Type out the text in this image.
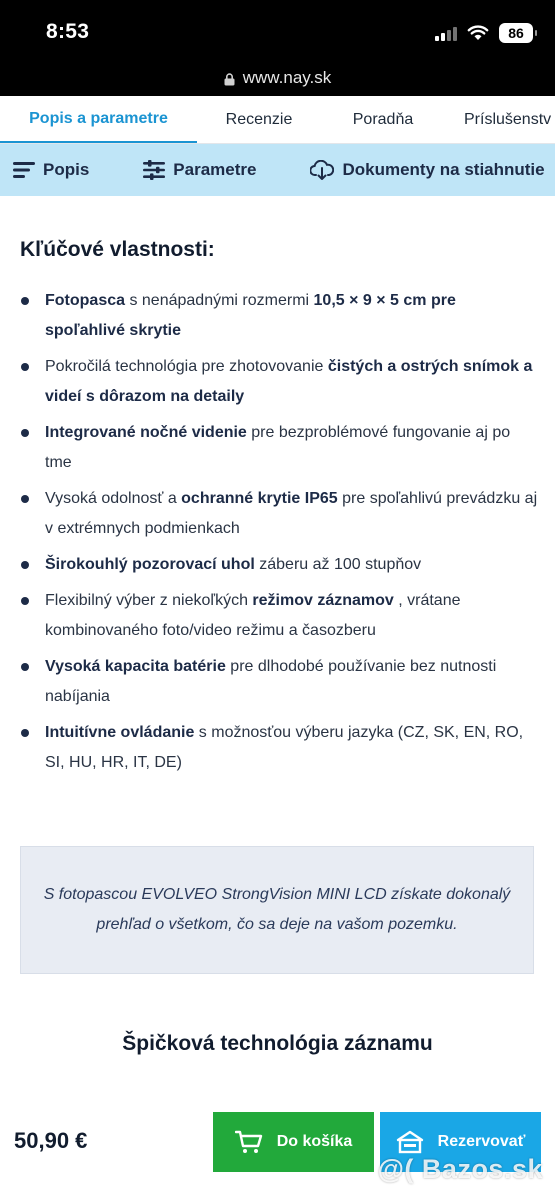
8:53	86
www.nay.sk
Popis a parametre	Recenzie	Poradňa	Príslušenstv
Popis	Parametre	Dokumenty na stiahnutie
Kľúčové vlastnosti:
Fotopasca s nenápadnými rozmermi 10,5 × 9 × 5 cm pre spoľahlivé skrytie
Pokročilá technológia pre zhotovovanie čistých a ostrých snímok a videí s dôrazom na detaily
Integrované nočné videnie pre bezproblémové fungovanie aj po tme
Vysoká odolnosť a ochranné krytie IP65 pre spoľahlivú prevádzku aj v extrémnych podmienkach
Širokouhlý pozorovací uhol záberu až 100 stupňov
Flexibilný výber z niekoľkých režimov záznamov , vrátane kombinovaného foto/video režimu a časozberu
Vysoká kapacita batérie pre dlhodobé používanie bez nutnosti nabíjania
Intuitívne ovládanie s možnosťou výberu jazyka (CZ, SK, EN, RO, SI, HU, HR, IT, DE)
S fotopascou EVOLVEO StrongVision MINI LCD získate dokonalý prehľad o všetkom, čo sa deje na vašom pozemku.
Špičková technológia záznamu
50,90 €	Do košíka	Rezervovať
@( Bazos.sk
